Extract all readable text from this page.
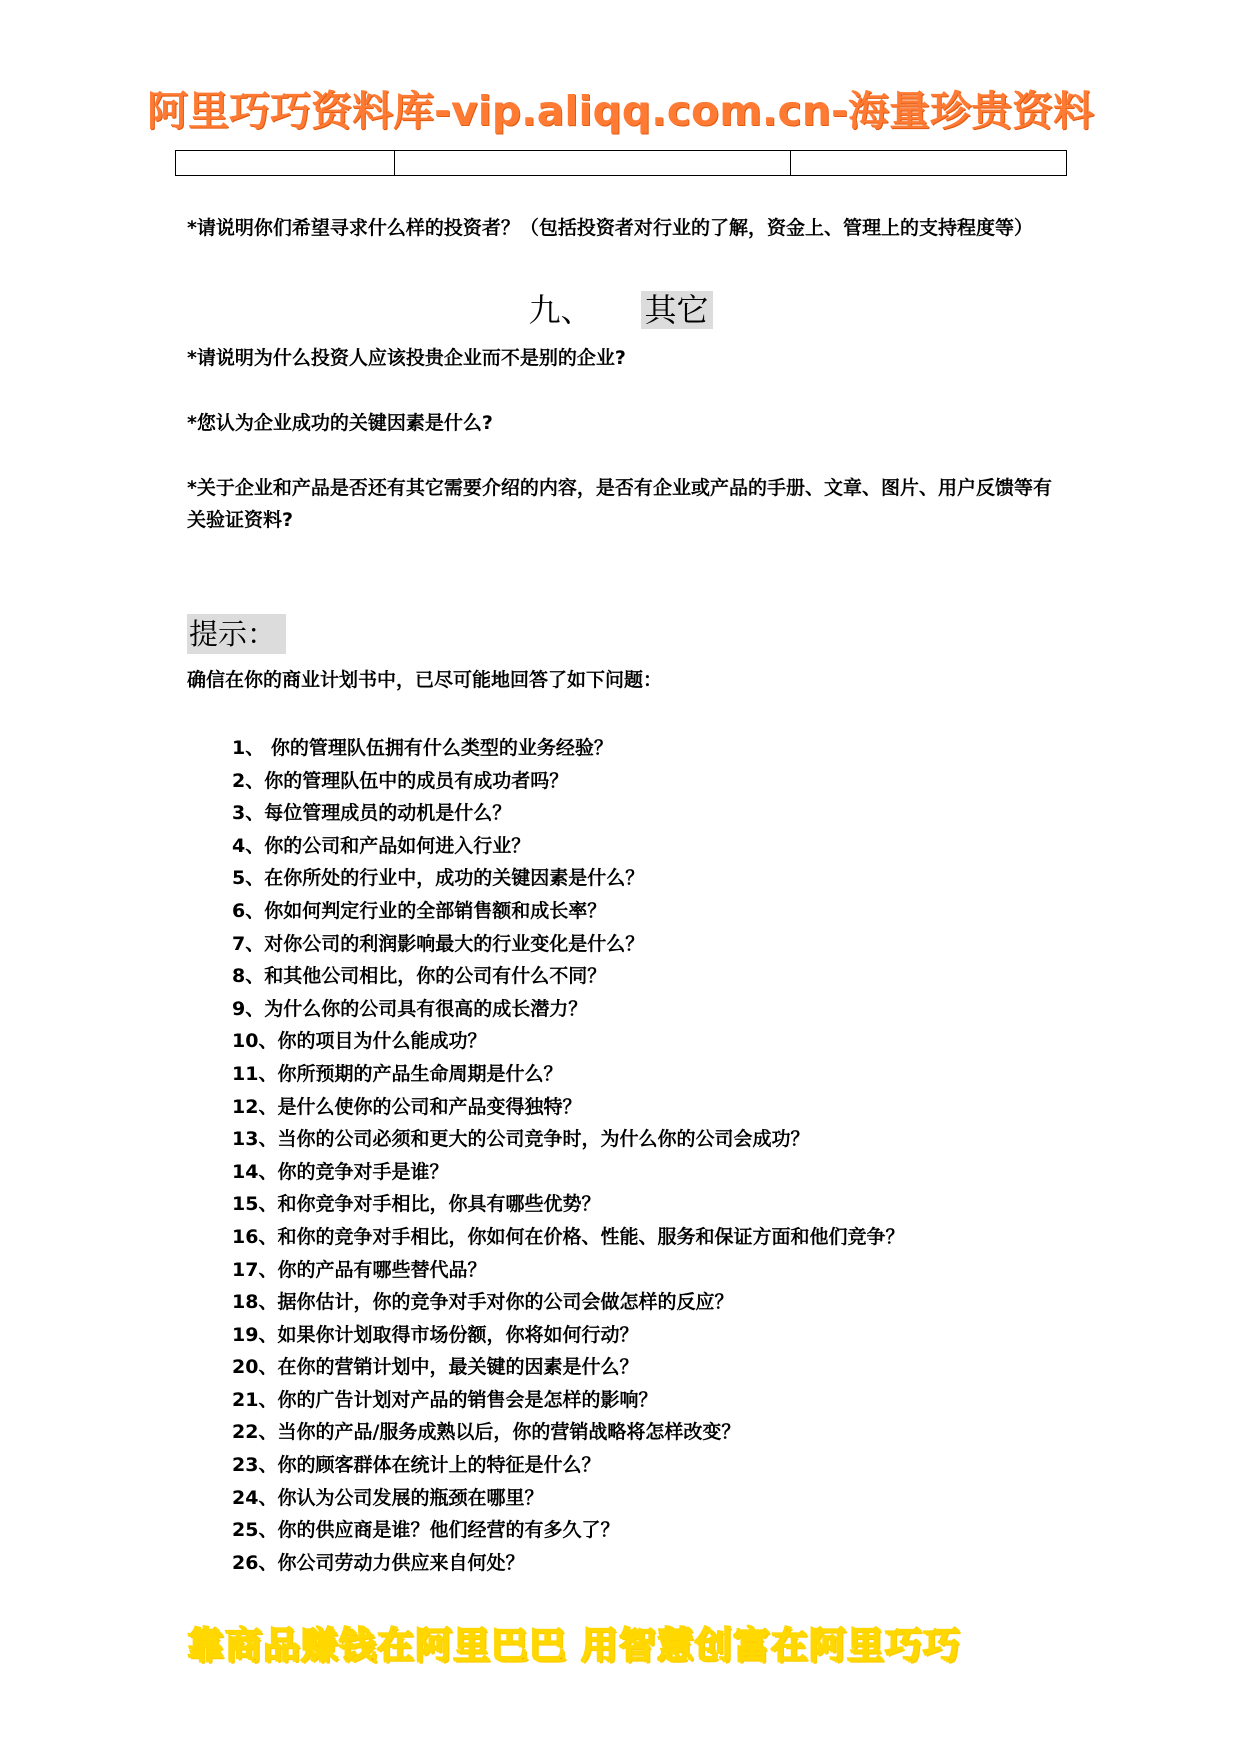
阿里巧巧资料库-vip.aliqq.com.cn-海量珍贵资料

*请说明你们希望寻求什么样的投资者？（包括投资者对行业的了解，资金上、管理上的支持程度等）
九、 其它
*请说明为什么投资人应该投贵企业而不是别的企业?
*您认为企业成功的关键因素是什么?
*关于企业和产品是否还有其它需要介绍的内容，是否有企业或产品的手册、文章、图片、用户反馈等有关验证资料?
提示：
确信在你的商业计划书中，已尽可能地回答了如下问题：
1、 你的管理队伍拥有什么类型的业务经验？
2、你的管理队伍中的成员有成功者吗？
3、每位管理成员的动机是什么？
4、你的公司和产品如何进入行业？
5、在你所处的行业中，成功的关键因素是什么？
6、你如何判定行业的全部销售额和成长率？
7、对你公司的利润影响最大的行业变化是什么？
8、和其他公司相比，你的公司有什么不同？
9、为什么你的公司具有很高的成长潜力？
10、你的项目为什么能成功？
11、你所预期的产品生命周期是什么？
12、是什么使你的公司和产品变得独特？
13、当你的公司必须和更大的公司竞争时，为什么你的公司会成功？
14、你的竞争对手是谁？
15、和你竞争对手相比，你具有哪些优势？
16、和你的竞争对手相比，你如何在价格、性能、服务和保证方面和他们竞争？
17、你的产品有哪些替代品？
18、据你估计，你的竞争对手对你的公司会做怎样的反应？
19、如果你计划取得市场份额，你将如何行动？
20、在你的营销计划中，最关键的因素是什么？
21、你的广告计划对产品的销售会是怎样的影响？
22、当你的产品/服务成熟以后，你的营销战略将怎样改变？
23、你的顾客群体在统计上的特征是什么？
24、你认为公司发展的瓶颈在哪里？
25、你的供应商是谁？他们经营的有多久了？
26、你公司劳动力供应来自何处？
靠商品赚钱在阿里巴巴 用智慧创富在阿里巧巧
